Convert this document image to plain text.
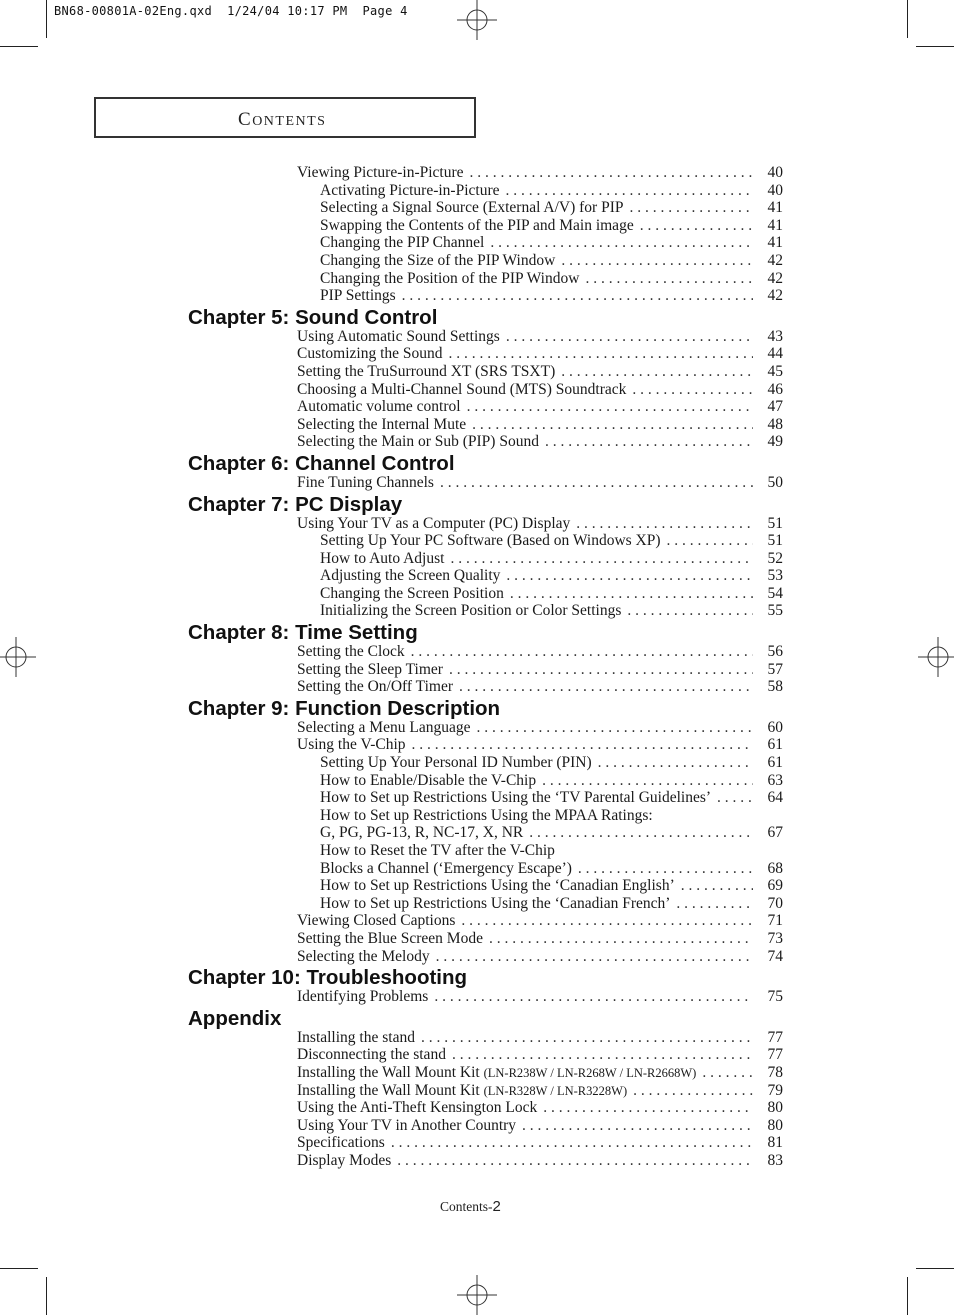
BN68-00801A-02Eng.qxd  1/24/04 10:17 PM  Page 4
CONTENTS
Viewing Picture-in-Picture . . .	40
Activating Picture-in-Picture . . .	40
Selecting a Signal Source (External A/V) for PIP . . .	41
Swapping the Contents of the PIP and Main image . . .	41
Changing the PIP Channel . . .	41
Changing the Size of the PIP Window . . .	42
Changing the Position of the PIP Window . . .	42
PIP Settings . . .	42
Chapter 5: Sound Control
Using Automatic Sound Settings . . .	43
Customizing the Sound . . .	44
Setting the TruSurround XT (SRS TSXT) . . .	45
Choosing a Multi-Channel Sound (MTS) Soundtrack . . .	46
Automatic volume control . . .	47
Selecting the Internal Mute . . .	48
Selecting the Main or Sub (PIP) Sound . . .	49
Chapter 6: Channel Control
Fine Tuning Channels . . .	50
Chapter 7: PC Display
Using Your TV as a Computer (PC) Display . . .	51
Setting Up Your PC Software (Based on Windows XP) . . .	51
How to Auto Adjust . . .	52
Adjusting the Screen Quality . . .	53
Changing the Screen Position . . .	54
Initializing the Screen Position or Color Settings . . .	55
Chapter 8: Time Setting
Setting the Clock . . .	56
Setting the Sleep Timer . . .	57
Setting the On/Off Timer . . .	58
Chapter 9: Function Description
Selecting a Menu Language . . .	60
Using the V-Chip . . .	61
Setting Up Your Personal ID Number (PIN) . . .	61
How to Enable/Disable the V-Chip . . .	63
How to Set up Restrictions Using the ‘TV Parental Guidelines’ . . .	64
How to Set up Restrictions Using the MPAA Ratings:
G, PG, PG-13, R, NC-17, X, NR . . .	67
How to Reset the TV after the V-Chip
Blocks a Channel (‘Emergency Escape’) . . .	68
How to Set up Restrictions Using the ‘Canadian English’ . . .	69
How to Set up Restrictions Using the ‘Canadian French’ . . .	70
Viewing Closed Captions . . .	71
Setting the Blue Screen Mode . . .	73
Selecting the Melody . . .	74
Chapter 10: Troubleshooting
Identifying Problems . . .	75
Appendix
Installing the stand . . .	77
Disconnecting the stand . . .	77
Installing the Wall Mount Kit (LN-R238W / LN-R268W / LN-R2668W) . . .	78
Installing the Wall Mount Kit (LN-R328W / LN-R3228W) . . .	79
Using the Anti-Theft Kensington Lock . . .	80
Using Your TV in Another Country . . .	80
Specifications . . .	81
Display Modes . . .	83
Contents-2
